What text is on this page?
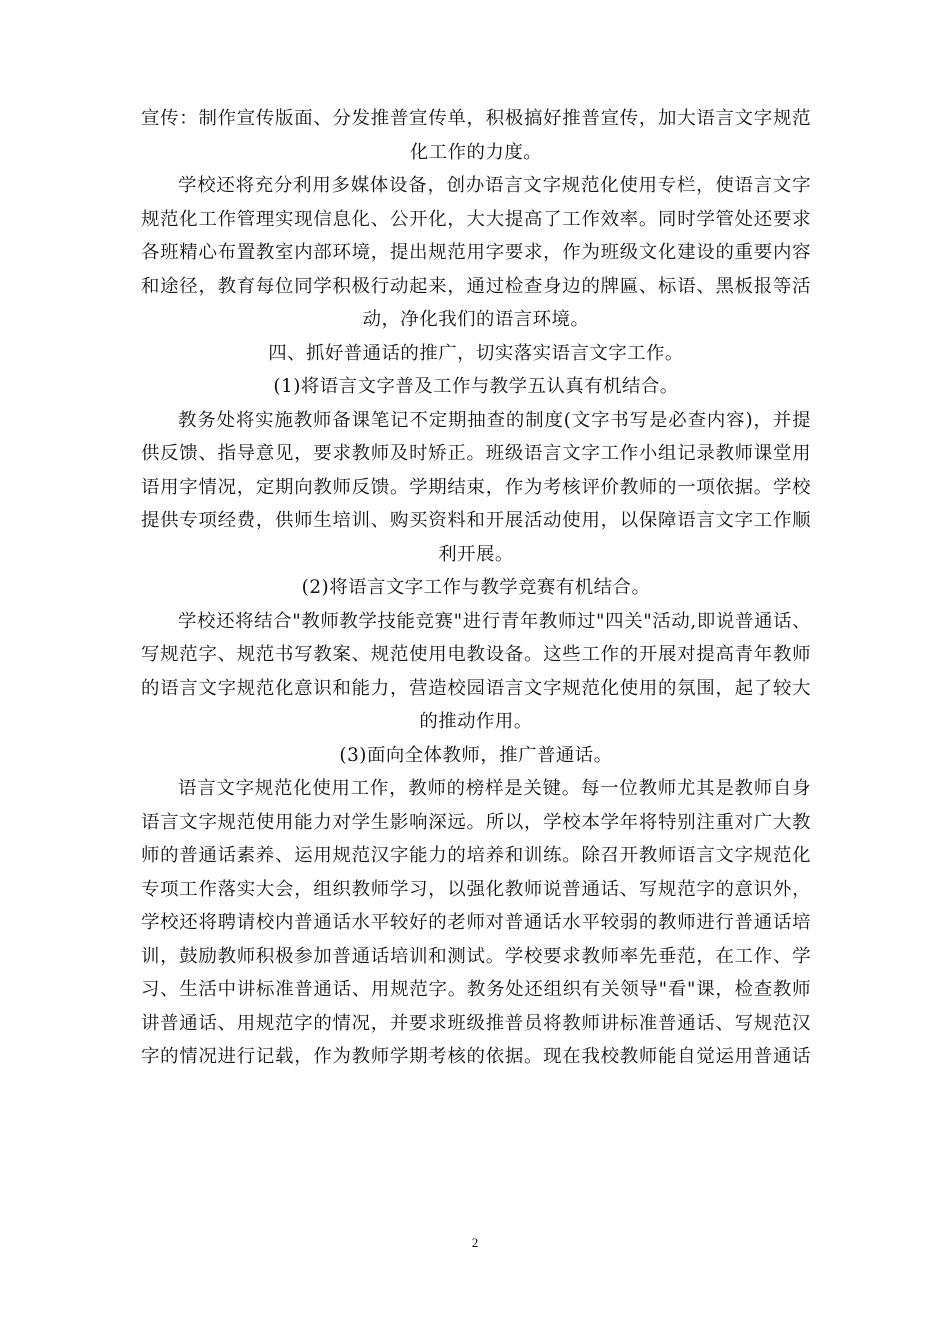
宣传：制作宣传版面、分发推普宣传单，积极搞好推普宣传，加大语言文字规范
化工作的力度。
学校还将充分利用多媒体设备，创办语言文字规范化使用专栏，使语言文字
规范化工作管理实现信息化、公开化，大大提高了工作效率。同时学管处还要求
各班精心布置教室内部环境，提出规范用字要求，作为班级文化建设的重要内容
和途径，教育每位同学积极行动起来，通过检查身边的牌匾、标语、黑板报等活
动，净化我们的语言环境。
四、抓好普通话的推广，切实落实语言文字工作。
(1)将语言文字普及工作与教学五认真有机结合。
教务处将实施教师备课笔记不定期抽查的制度(文字书写是必查内容)，并提
供反馈、指导意见，要求教师及时矫正。班级语言文字工作小组记录教师课堂用
语用字情况，定期向教师反馈。学期结束，作为考核评价教师的一项依据。学校
提供专项经费，供师生培训、购买资料和开展活动使用，以保障语言文字工作顺
利开展。
(2)将语言文字工作与教学竞赛有机结合。
学校还将结合"教师教学技能竞赛"进行青年教师过"四关"活动,即说普通话、
写规范字、规范书写教案、规范使用电教设备。这些工作的开展对提高青年教师
的语言文字规范化意识和能力，营造校园语言文字规范化使用的氛围，起了较大
的推动作用。
(3)面向全体教师，推广普通话。
语言文字规范化使用工作，教师的榜样是关键。每一位教师尤其是教师自身
语言文字规范使用能力对学生影响深远。所以，学校本学年将特别注重对广大教
师的普通话素养、运用规范汉字能力的培养和训练。除召开教师语言文字规范化
专项工作落实大会，组织教师学习，以强化教师说普通话、写规范字的意识外，
学校还将聘请校内普通话水平较好的老师对普通话水平较弱的教师进行普通话培
训，鼓励教师积极参加普通话培训和测试。学校要求教师率先垂范，在工作、学
习、生活中讲标准普通话、用规范字。教务处还组织有关领导"看"课，检查教师
讲普通话、用规范字的情况，并要求班级推普员将教师讲标准普通话、写规范汉
字的情况进行记载，作为教师学期考核的依据。现在我校教师能自觉运用普通话
2
